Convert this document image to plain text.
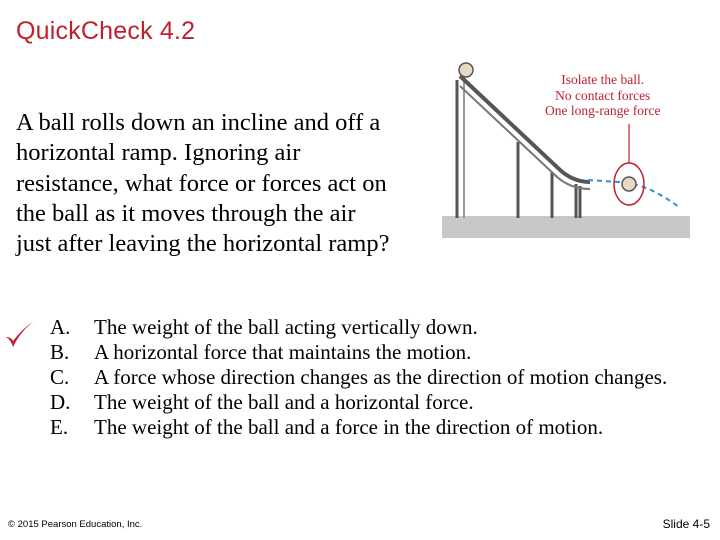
QuickCheck 4.2
A ball rolls down an incline and off a horizontal ramp. Ignoring air resistance, what force or forces act on the ball as it moves through the air just after leaving the horizontal ramp?
Isolate the ball.
No contact forces
One long-range force
A.	The weight of the ball acting vertically down.
B.	A horizontal force that maintains the motion.
C.	A force whose direction changes as the direction of motion changes.
D.	The weight of the ball and a horizontal force.
E.	The weight of the ball and a force in the direction of motion.
© 2015 Pearson Education, Inc.	Slide 4-5
